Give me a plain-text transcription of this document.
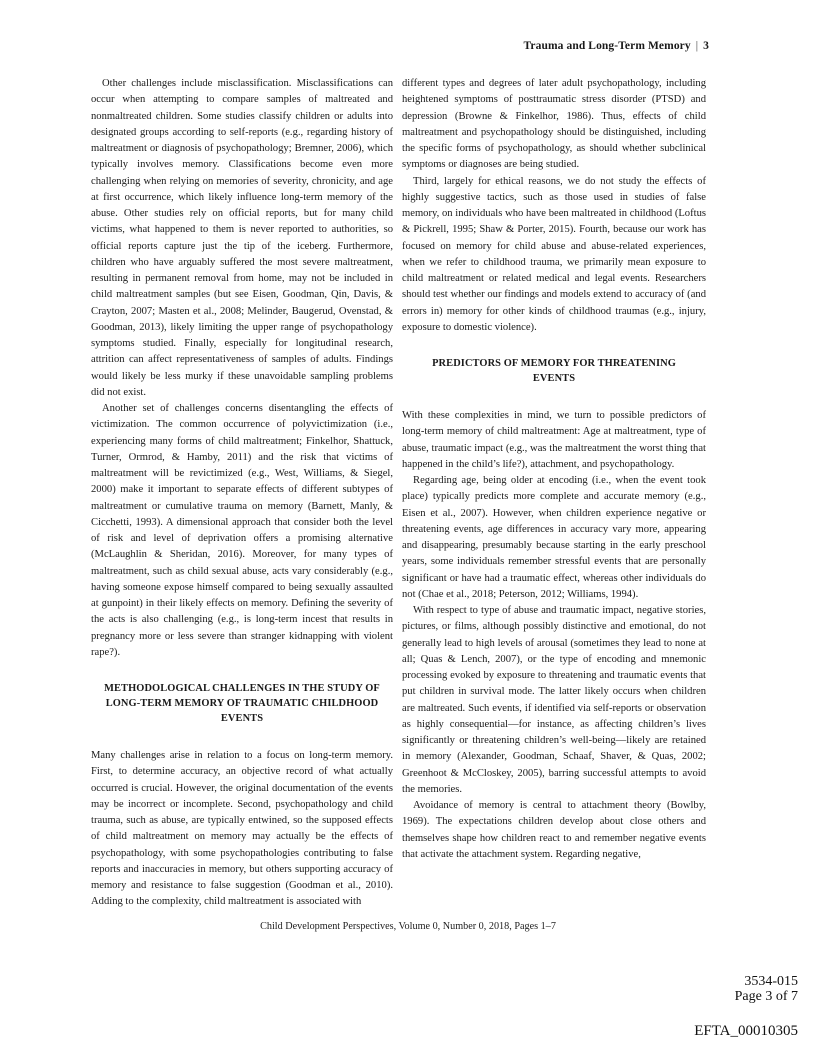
Trauma and Long-Term Memory | 3

Other challenges include misclassification. Misclassifications can occur when attempting to compare samples of maltreated and nonmaltreated children. Some studies classify children or adults into designated groups according to self-reports (e.g., regarding history of maltreatment or diagnosis of psychopathology; Bremner, 2006), which typically involves memory. Classifications become even more challenging when relying on memories of severity, chronicity, and age at first occurrence, which likely influence long-term memory of the abuse. Other studies rely on official reports, but for many child victims, what happened to them is never reported to authorities, so official reports capture just the tip of the iceberg. Furthermore, children who have arguably suffered the most severe maltreatment, resulting in permanent removal from home, may not be included in child maltreatment samples (but see Eisen, Goodman, Qin, Davis, & Crayton, 2007; Masten et al., 2008; Melinder, Baugerud, Ovenstad, & Goodman, 2013), likely limiting the upper range of psychopathology symptoms studied. Finally, especially for longitudinal research, attrition can affect representativeness of samples of adults. Findings would likely be less murky if these unavoidable sampling problems did not exist.

Another set of challenges concerns disentangling the effects of victimization. The common occurrence of polyvictimization (i.e., experiencing many forms of child maltreatment; Finkelhor, Shattuck, Turner, Ormrod, & Hamby, 2011) and the risk that victims of maltreatment will be revictimized (e.g., West, Williams, & Siegel, 2000) make it important to separate effects of different subtypes of maltreatment or cumulative trauma on memory (Barnett, Manly, & Cicchetti, 1993). A dimensional approach that consider both the level of risk and level of deprivation offers a promising alternative (McLaughlin & Sheridan, 2016). Moreover, for many types of maltreatment, such as child sexual abuse, acts vary considerably (e.g., having someone expose himself compared to being sexually assaulted at gunpoint) in their likely effects on memory. Defining the severity of the acts is also challenging (e.g., is long-term incest that results in pregnancy more or less severe than stranger kidnapping with violent rape?).

METHODOLOGICAL CHALLENGES IN THE STUDY OF LONG-TERM MEMORY OF TRAUMATIC CHILDHOOD EVENTS

Many challenges arise in relation to a focus on long-term memory. First, to determine accuracy, an objective record of what actually occurred is crucial. However, the original documentation of the events may be incorrect or incomplete. Second, psychopathology and child trauma, such as abuse, are typically entwined, so the supposed effects of child maltreatment on memory may actually be the effects of psychopathology, with some psychopathologies contributing to false reports and inaccuracies in memory, but others supporting accuracy of memory and resistance to false suggestion (Goodman et al., 2010). Adding to the complexity, child maltreatment is associated with

different types and degrees of later adult psychopathology, including heightened symptoms of posttraumatic stress disorder (PTSD) and depression (Browne & Finkelhor, 1986). Thus, effects of child maltreatment and psychopathology should be distinguished, including the specific forms of psychopathology, as should whether subclinical symptoms or diagnoses are being studied.

Third, largely for ethical reasons, we do not study the effects of highly suggestive tactics, such as those used in studies of false memory, on individuals who have been maltreated in childhood (Loftus & Pickrell, 1995; Shaw & Porter, 2015). Fourth, because our work has focused on memory for child abuse and abuse-related experiences, when we refer to childhood trauma, we primarily mean exposure to child maltreatment or related medical and legal events. Researchers should test whether our findings and models extend to accuracy of (and errors in) memory for other kinds of childhood traumas (e.g., injury, exposure to domestic violence).

PREDICTORS OF MEMORY FOR THREATENING EVENTS

With these complexities in mind, we turn to possible predictors of long-term memory of child maltreatment: Age at maltreatment, type of abuse, traumatic impact (e.g., was the maltreatment the worst thing that happened in the child’s life?), attachment, and psychopathology.

Regarding age, being older at encoding (i.e., when the event took place) typically predicts more complete and accurate memory (e.g., Eisen et al., 2007). However, when children experience negative or threatening events, age differences in accuracy vary more, appearing and disappearing, presumably because starting in the early preschool years, some individuals remember stressful events that are personally significant or have had a traumatic effect, whereas other individuals do not (Chae et al., 2018; Peterson, 2012; Williams, 1994).

With respect to type of abuse and traumatic impact, negative stories, pictures, or films, although possibly distinctive and emotional, do not generally lead to high levels of arousal (sometimes they lead to none at all; Quas & Lench, 2007), or the type of encoding and mnemonic processing evoked by exposure to threatening and traumatic events that put children in survival mode. The latter likely occurs when children are maltreated. Such events, if identified via self-reports or observation as highly consequential—for instance, as affecting children’s lives significantly or threatening children’s well-being—likely are retained in memory (Alexander, Goodman, Schaaf, Shaver, & Quas, 2002; Greenhoot & McCloskey, 2005), barring successful attempts to avoid the memories.

Avoidance of memory is central to attachment theory (Bowlby, 1969). The expectations children develop about close others and themselves shape how children react to and remember negative events that activate the attachment system. Regarding negative,

Child Development Perspectives, Volume 0, Number 0, 2018, Pages 1–7
3534-015
Page 3 of 7
EFTA_00010305
